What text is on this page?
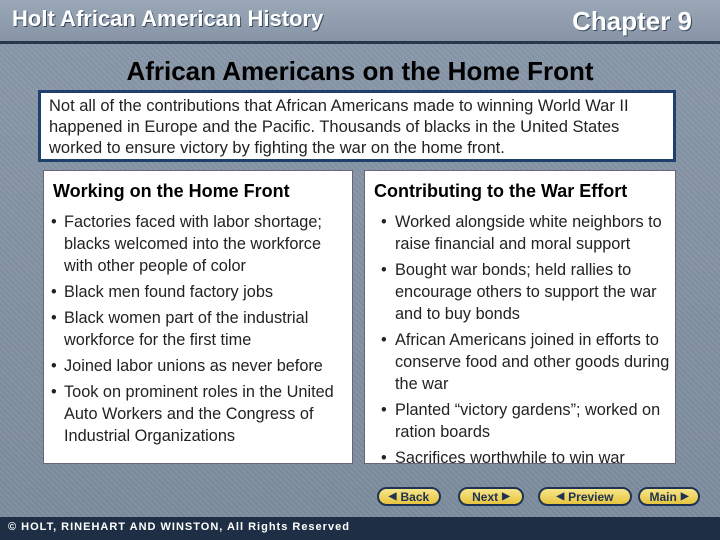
Holt African American History	Chapter 9
African Americans on the Home Front
Not all of the contributions that African Americans made to winning World War II happened in Europe and the Pacific. Thousands of blacks in the United States worked to ensure victory by fighting the war on the home front.
Working on the Home Front
• Factories faced with labor shortage; blacks welcomed into the workforce with other people of color
• Black men found factory jobs
• Black women part of the industrial workforce for the first time
• Joined labor unions as never before
• Took on prominent roles in the United Auto Workers and the Congress of Industrial Organizations
Contributing to the War Effort
• Worked alongside white neighbors to raise financial and moral support
• Bought war bonds; held rallies to encourage others to support the war and to buy bonds
• African Americans joined in efforts to conserve food and other goods during the war
• Planted “victory gardens”; worked on ration boards
• Sacrifices worthwhile to win war
◀ Back	Next ▶	◀ Preview	Main ▶
© HOLT, RINEHART AND WINSTON, All Rights Reserved
